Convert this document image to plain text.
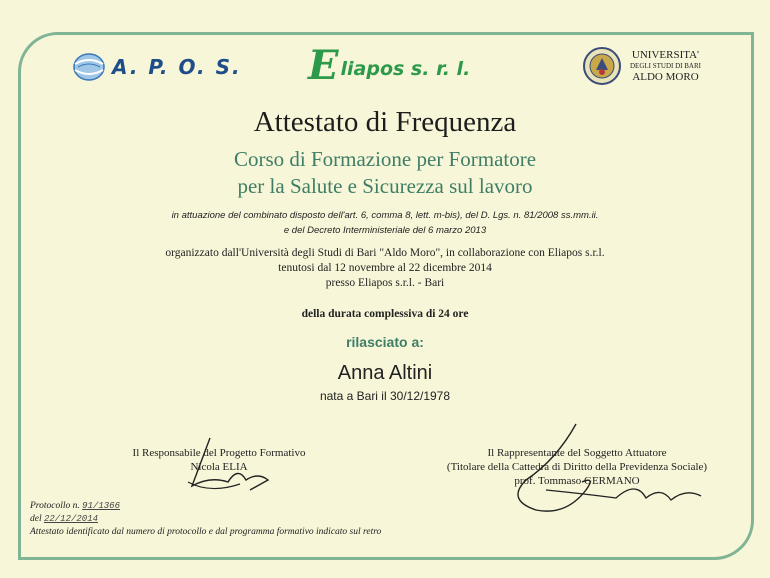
A. P. O. S. E liapos s. r. l.
UNIVERSITA'
DEGLI STUDI DI BARI
ALDO MORO
Attestato di Frequenza
Corso di Formazione per Formatore
per la Salute e Sicurezza sul lavoro
in attuazione del combinato disposto dell'art. 6, comma 8, lett. m-bis), del D. Lgs. n. 81/2008 ss.mm.ii.
e del Decreto Interministeriale del 6 marzo 2013
organizzato dall'Università degli Studi di Bari "Aldo Moro", in collaborazione con Eliapos s.r.l.
tenutosi dal 12 novembre al 22 dicembre 2014
presso Eliapos s.r.l. - Bari
della durata complessiva di 24 ore
rilasciato a:
Anna Altini
nata a Bari il 30/12/1978
Il Responsabile del Progetto Formativo
Nicola ELIA
Il Rappresentante del Soggetto Attuatore
(Titolare della Cattedra di Diritto della Previdenza Sociale)
prof. Tommaso GERMANO
Protocollo n. 91/1366
del 22/12/2014
Attestato identificato dal numero di protocollo e dal programma formativo indicato sul retro
